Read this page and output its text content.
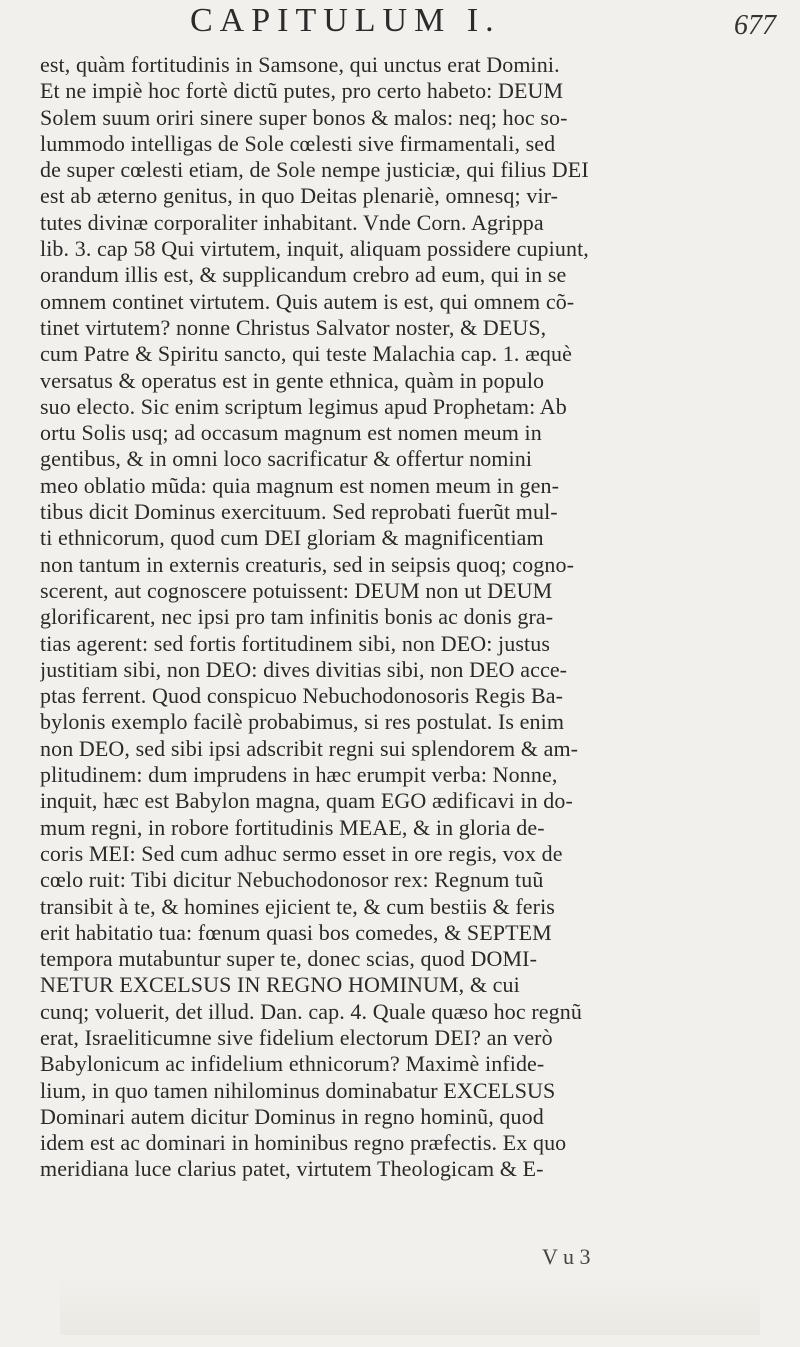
CAPITULUM I.	677
est, quàm fortitudinis in Samsone, qui unctus erat Domini.
Et ne impiè hoc fortè dictũ putes, pro certo habeto: DEUM
Solem suum oriri sinere super bonos & malos: neq; hoc so-
lummodo intelligas de Sole cœlesti sive firmamentali, sed
de super cœlesti etiam, de Sole nempe justiciæ, qui filius DEI
est ab æterno genitus, in quo Deitas plenariè, omnesq; vir-
tutes divinæ corporaliter inhabitant. Vnde Corn. Agrippa
lib. 3. cap 58 Qui virtutem, inquit, aliquam possidere cupiunt,
orandum illis est, & supplicandum crebro ad eum, qui in se
omnem continet virtutem. Quis autem is est, qui omnem cõ-
tinet virtutem? nonne Christus Salvator noster, & DEUS,
cum Patre & Spiritu sancto, qui teste Malachia cap. 1. æquè
versatus & operatus est in gente ethnica, quàm in populo
suo electo. Sic enim scriptum legimus apud Prophetam: Ab
ortu Solis usq; ad occasum magnum est nomen meum in
gentibus, & in omni loco sacrificatur & offertur nomini
meo oblatio mũda: quia magnum est nomen meum in gen-
tibus dicit Dominus exercituum. Sed reprobati fuerũt mul-
ti ethnicorum, quod cum DEI gloriam & magnificentiam
non tantum in externis creaturis, sed in seipsis quoq; cogno-
scerent, aut cognoscere potuissent: DEUM non ut DEUM
glorificarent, nec ipsi pro tam infinitis bonis ac donis gra-
tias agerent: sed fortis fortitudinem sibi, non DEO: justus
justitiam sibi, non DEO: dives divitias sibi, non DEO acce-
ptas ferrent. Quod conspicuo Nebuchodonosoris Regis Ba-
bylonis exemplo facilè probabimus, si res postulat. Is enim
non DEO, sed sibi ipsi adscribit regni sui splendorem & am-
plitudinem: dum imprudens in hæc erumpit verba: Nonne,
inquit, hæc est Babylon magna, quam EGO ædificavi in do-
mum regni, in robore fortitudinis MEAE, & in gloria de-
coris MEI: Sed cum adhuc sermo esset in ore regis, vox de
cœlo ruit: Tibi dicitur Nebuchodonosor rex: Regnum tuũ
transibit à te, & homines ejicient te, & cum bestiis & feris
erit habitatio tua: fœnum quasi bos comedes, & SEPTEM
tempora mutabuntur super te, donec scias, quod DOMI-
NETUR EXCELSUS IN REGNO HOMINUM, & cui
cunq; voluerit, det illud. Dan. cap. 4. Quale quæso hoc regnũ
erat, Israeliticumne sive fidelium electorum DEI? an verò
Babylonicum ac infidelium ethnicorum? Maximè infide-
lium, in quo tamen nihilominus dominabatur EXCELSUS
Dominari autem dicitur Dominus in regno hominũ, quod
idem est ac dominari in hominibus regno præfectis. Ex quo
meridiana luce clarius patet, virtutem Theologicam & E-
V u 3
